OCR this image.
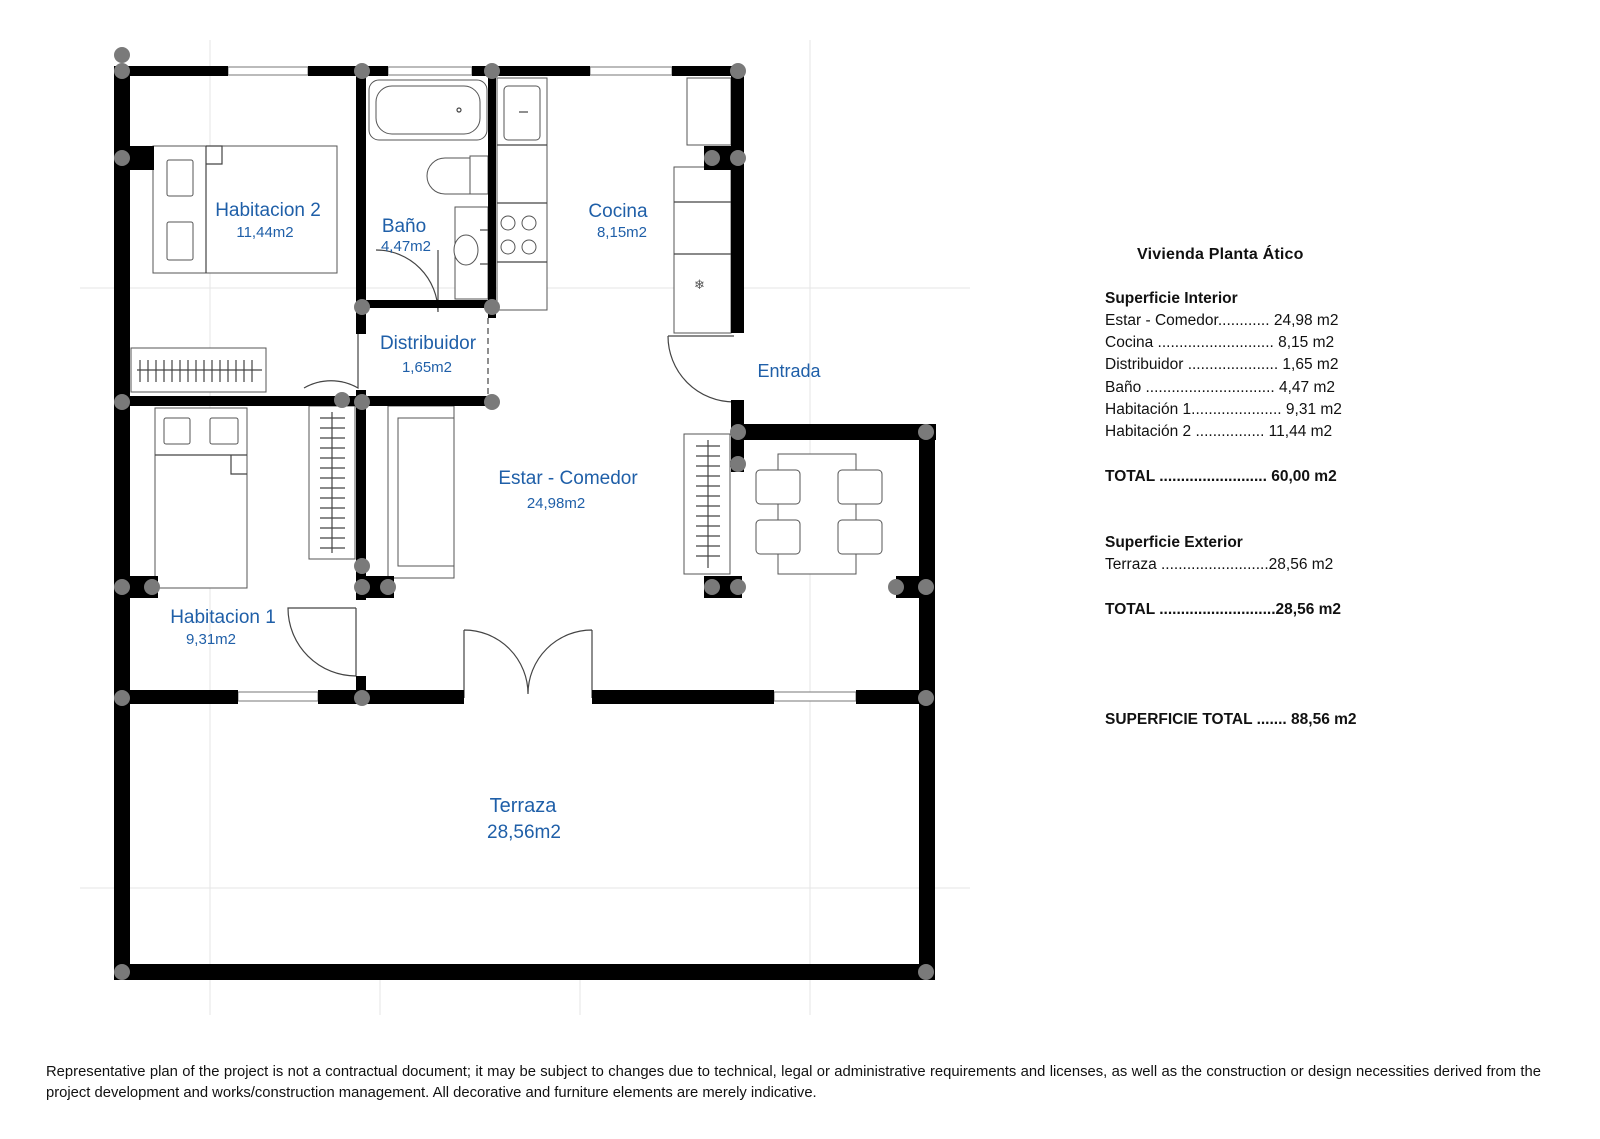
❄
Habitacion 2
11,44m2	Baño
4,47m2
Cocina
8,15m2
Distribuidor
1,65m2	Entrada
Estar - Comedor
24,98m2
Habitacion 1
9,31m2
Terraza
28,56m2
Vivienda Planta Ático
Superficie Interior
Estar - Comedor............ 24,98 m2
Cocina ........................... 8,15 m2
Distribuidor ..................... 1,65 m2
Baño .............................. 4,47 m2
Habitación 1..................... 9,31 m2
Habitación 2 ................ 11,44 m2
TOTAL ......................... 60,00 m2
Superficie Exterior
Terraza .........................28,56 m2
TOTAL ...........................28,56 m2
SUPERFICIE TOTAL ....... 88,56 m2
Representative plan of the project is not a contractual document; it may be subject to changes due to technical, legal or administrative requirements and licenses, as well as the construction or design necessities derived from the project development and works/construction management. All decorative and furniture elements are merely indicative.
